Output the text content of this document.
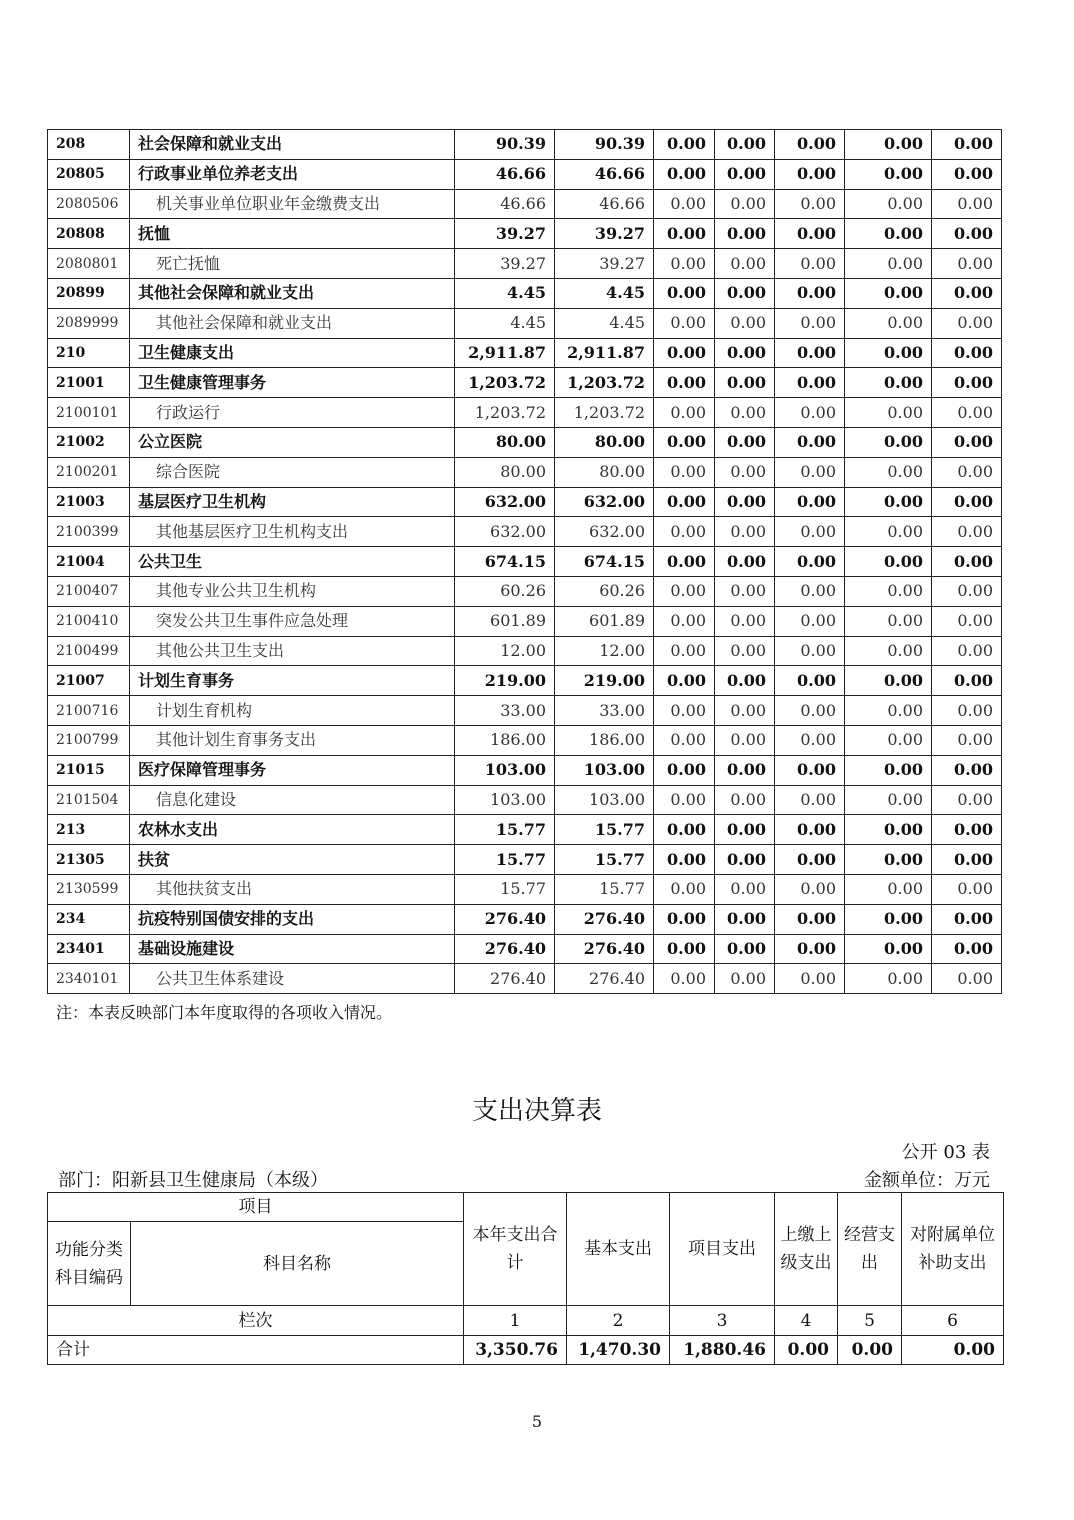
208	社会保障和就业支出	90.39	90.39	0.00	0.00	0.00	0.00	0.00
20805	行政事业单位养老支出	46.66	46.66	0.00	0.00	0.00	0.00	0.00
2080506	机关事业单位职业年金缴费支出	46.66	46.66	0.00	0.00	0.00	0.00	0.00
20808	抚恤	39.27	39.27	0.00	0.00	0.00	0.00	0.00
2080801	死亡抚恤	39.27	39.27	0.00	0.00	0.00	0.00	0.00
20899	其他社会保障和就业支出	4.45	4.45	0.00	0.00	0.00	0.00	0.00
2089999	其他社会保障和就业支出	4.45	4.45	0.00	0.00	0.00	0.00	0.00
210	卫生健康支出	2,911.87	2,911.87	0.00	0.00	0.00	0.00	0.00
21001	卫生健康管理事务	1,203.72	1,203.72	0.00	0.00	0.00	0.00	0.00
2100101	行政运行	1,203.72	1,203.72	0.00	0.00	0.00	0.00	0.00
21002	公立医院	80.00	80.00	0.00	0.00	0.00	0.00	0.00
2100201	综合医院	80.00	80.00	0.00	0.00	0.00	0.00	0.00
21003	基层医疗卫生机构	632.00	632.00	0.00	0.00	0.00	0.00	0.00
2100399	其他基层医疗卫生机构支出	632.00	632.00	0.00	0.00	0.00	0.00	0.00
21004	公共卫生	674.15	674.15	0.00	0.00	0.00	0.00	0.00
2100407	其他专业公共卫生机构	60.26	60.26	0.00	0.00	0.00	0.00	0.00
2100410	突发公共卫生事件应急处理	601.89	601.89	0.00	0.00	0.00	0.00	0.00
2100499	其他公共卫生支出	12.00	12.00	0.00	0.00	0.00	0.00	0.00
21007	计划生育事务	219.00	219.00	0.00	0.00	0.00	0.00	0.00
2100716	计划生育机构	33.00	33.00	0.00	0.00	0.00	0.00	0.00
2100799	其他计划生育事务支出	186.00	186.00	0.00	0.00	0.00	0.00	0.00
21015	医疗保障管理事务	103.00	103.00	0.00	0.00	0.00	0.00	0.00
2101504	信息化建设	103.00	103.00	0.00	0.00	0.00	0.00	0.00
213	农林水支出	15.77	15.77	0.00	0.00	0.00	0.00	0.00
21305	扶贫	15.77	15.77	0.00	0.00	0.00	0.00	0.00
2130599	其他扶贫支出	15.77	15.77	0.00	0.00	0.00	0.00	0.00
234	抗疫特别国债安排的支出	276.40	276.40	0.00	0.00	0.00	0.00	0.00
23401	基础设施建设	276.40	276.40	0.00	0.00	0.00	0.00	0.00
2340101	公共卫生体系建设	276.40	276.40	0.00	0.00	0.00	0.00	0.00
注：本表反映部门本年度取得的各项收入情况。
支出决算表
公开 03 表
部门：阳新县卫生健康局（本级）	金额单位：万元
项目		本年支出合计	基本支出	项目支出	上缴上级支出	经营支出	对附属单位补助支出
功能分类科目编码	科目名称						
栏次		1	2	3	4	5	6
合计		3,350.76	1,470.30	1,880.46	0.00	0.00	0.00
5
